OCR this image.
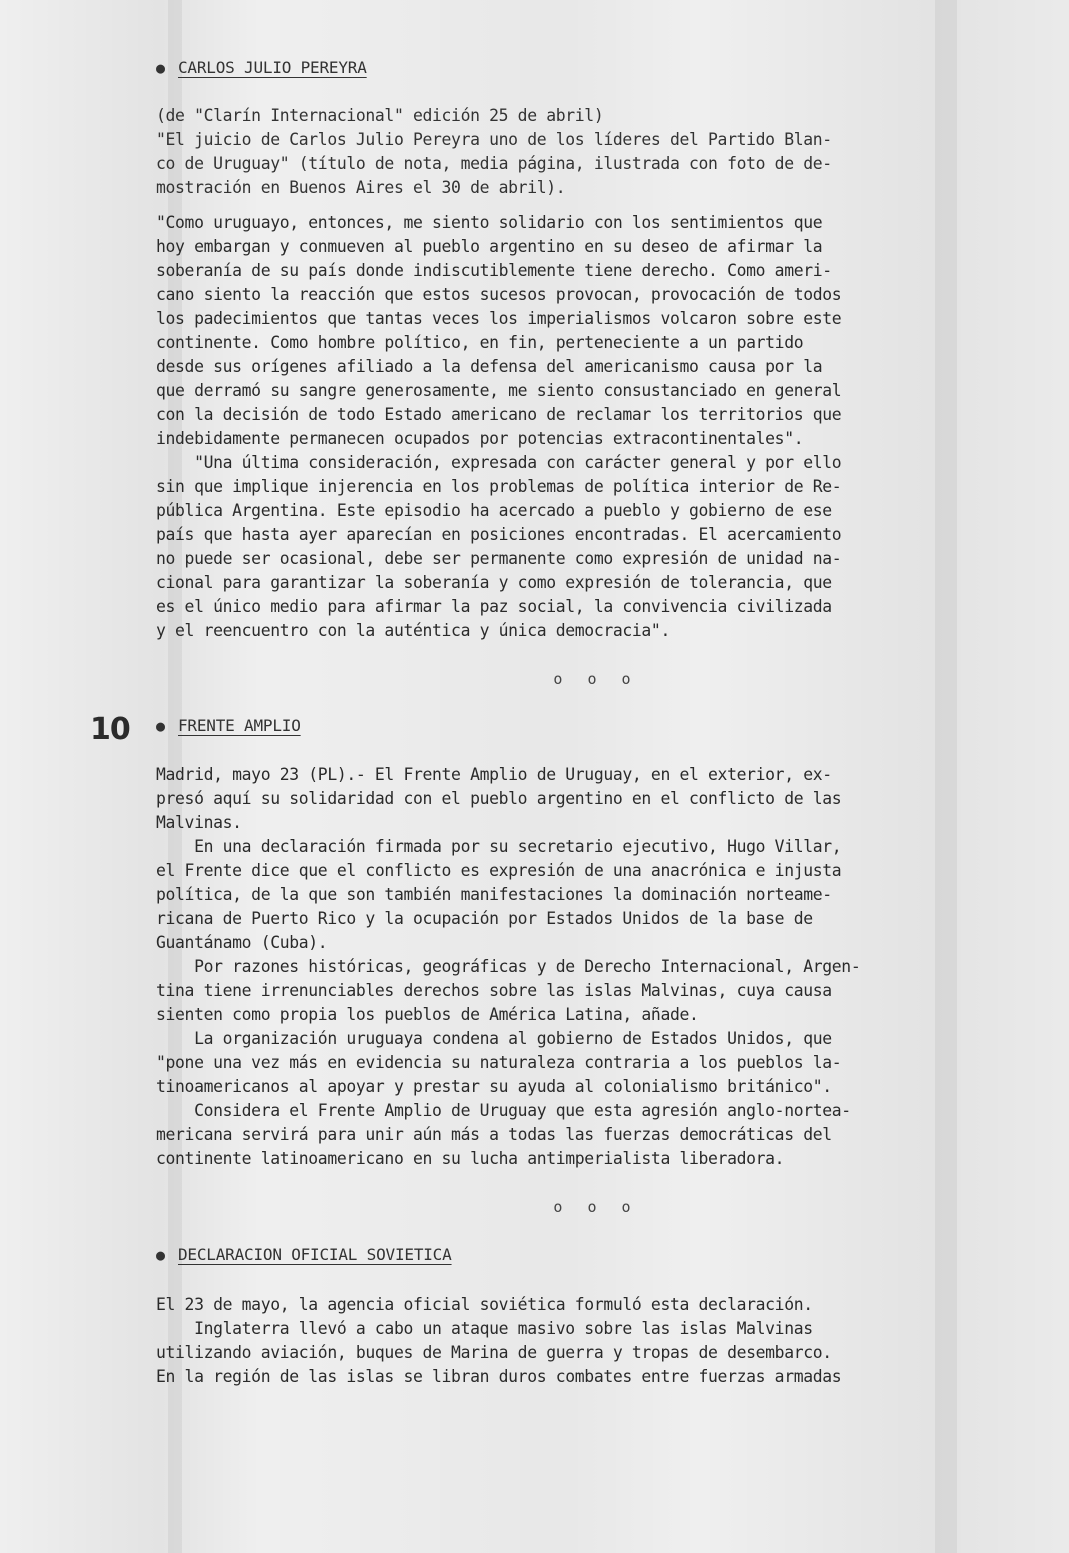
10
● CARLOS JULIO PEREYRA

(de "Clarín Internacional" edición 25 de abril)
"El juicio de Carlos Julio Pereyra uno de los líderes del Partido Blan-
co de Uruguay" (título de nota, media página, ilustrada con foto de de-
mostración en Buenos Aires el 30 de abril).

"Como uruguayo, entonces, me siento solidario con los sentimientos que
hoy embargan y conmueven al pueblo argentino en su deseo de afirmar la
soberanía de su país donde indiscutiblemente tiene derecho. Como ameri-
cano siento la reacción que estos sucesos provocan, provocación de todos
los padecimientos que tantas veces los imperialismos volcaron sobre este
continente. Como hombre político, en fin, perteneciente a un partido
desde sus orígenes afiliado a la defensa del americanismo causa por la
que derramó su sangre generosamente, me siento consustanciado en general
con la decisión de todo Estado americano de reclamar los territorios que
indebidamente permanecen ocupados por potencias extracontinentales".
"Una última consideración, expresada con carácter general y por ello
sin que implique injerencia en los problemas de política interior de Re-
pública Argentina. Este episodio ha acercado a pueblo y gobierno de ese
país que hasta ayer aparecían en posiciones encontradas. El acercamiento
no puede ser ocasional, debe ser permanente como expresión de unidad na-
cional para garantizar la soberanía y como expresión de tolerancia, que
es el único medio para afirmar la paz social, la convivencia civilizada
y el reencuentro con la auténtica y única democracia".

o o o
● FRENTE AMPLIO

Madrid, mayo 23 (PL).- El Frente Amplio de Uruguay, en el exterior, ex-
presó aquí su solidaridad con el pueblo argentino en el conflicto de las
Malvinas.
En una declaración firmada por su secretario ejecutivo, Hugo Villar,
el Frente dice que el conflicto es expresión de una anacrónica e injusta
política, de la que son también manifestaciones la dominación norteame-
ricana de Puerto Rico y la ocupación por Estados Unidos de la base de
Guantánamo (Cuba).
Por razones históricas, geográficas y de Derecho Internacional, Argen-
tina tiene irrenunciables derechos sobre las islas Malvinas, cuya causa
sienten como propia los pueblos de América Latina, añade.
La organización uruguaya condena al gobierno de Estados Unidos, que
"pone una vez más en evidencia su naturaleza contraria a los pueblos la-
tinoamericanos al apoyar y prestar su ayuda al colonialismo británico".
Considera el Frente Amplio de Uruguay que esta agresión anglo-nortea-
mericana servirá para unir aún más a todas las fuerzas democráticas del
continente latinoamericano en su lucha antimperialista liberadora.

o o o
● DECLARACION OFICIAL SOVIETICA

El 23 de mayo, la agencia oficial soviética formuló esta declaración.
Inglaterra llevó a cabo un ataque masivo sobre las islas Malvinas
utilizando aviación, buques de Marina de guerra y tropas de desembarco.
En la región de las islas se libran duros combates entre fuerzas armadas
